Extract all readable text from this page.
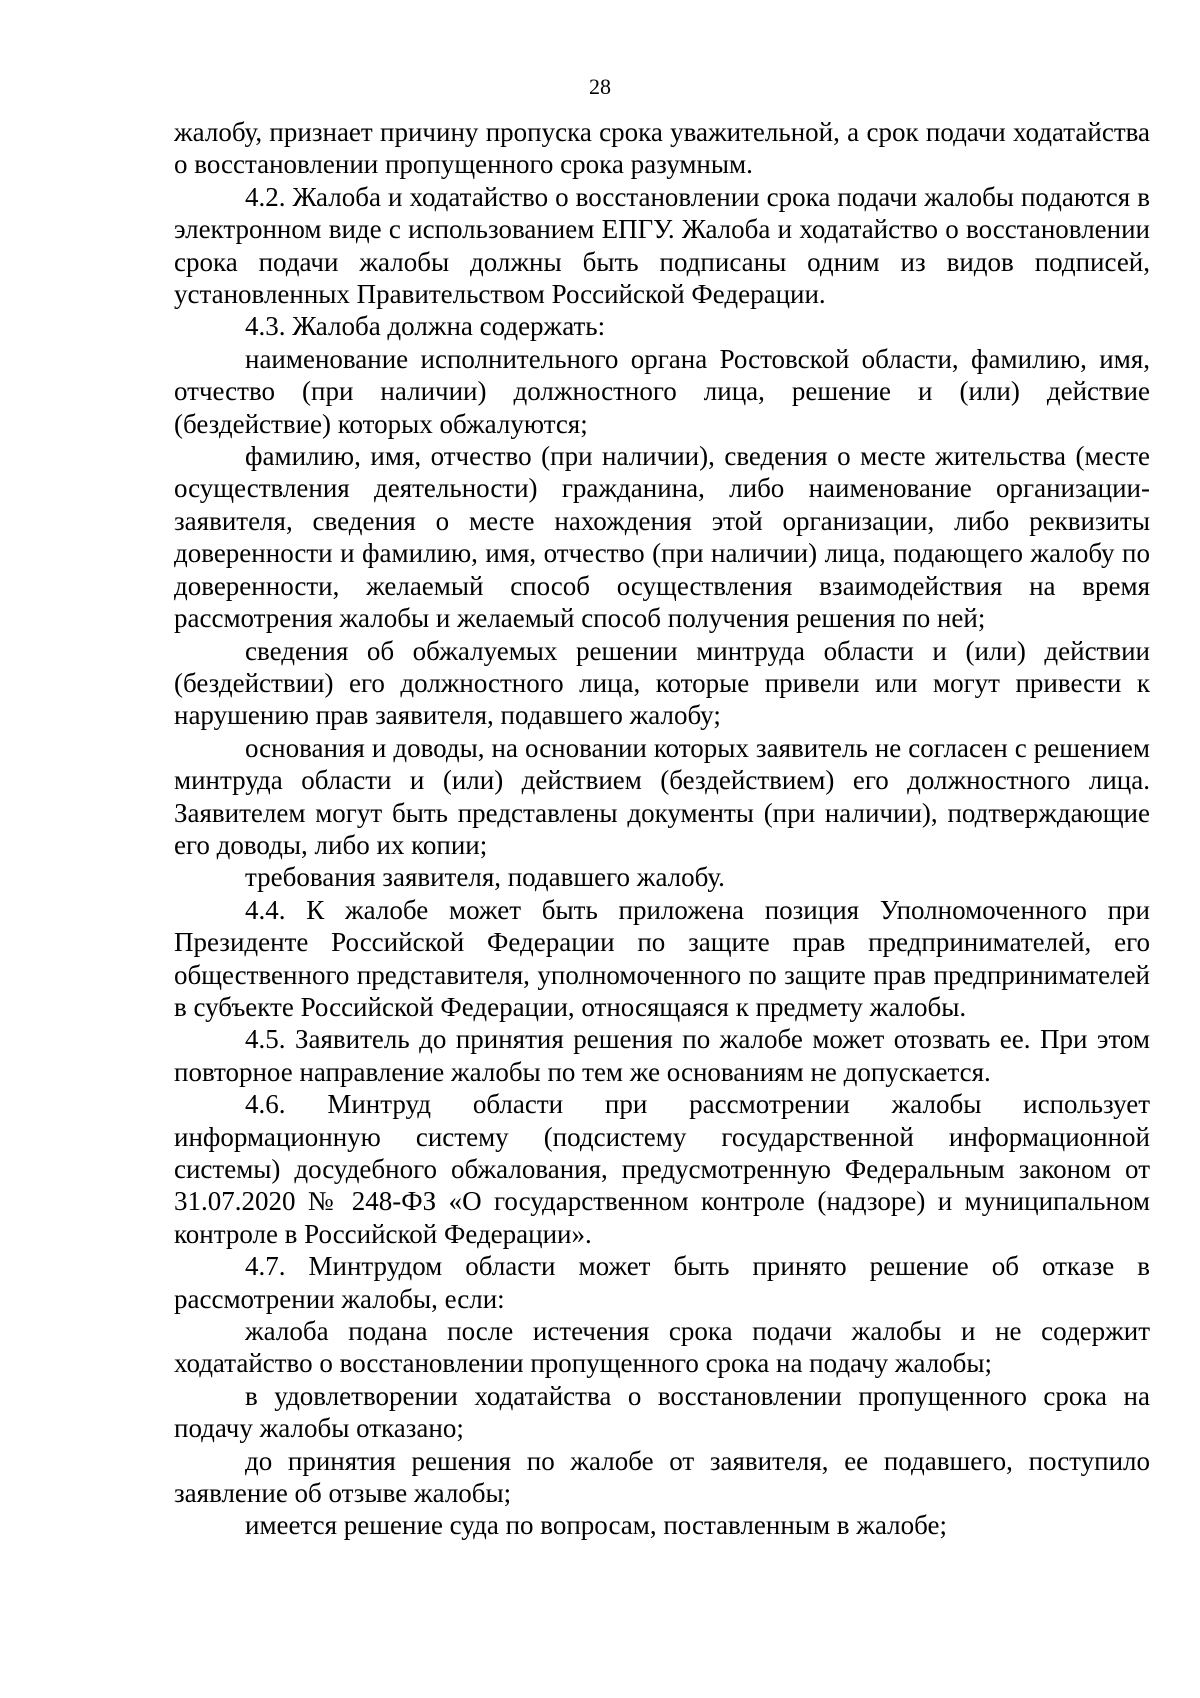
28

жалобу, признает причину пропуска срока уважительной, а срок подачи ходатайства о восстановлении пропущенного срока разумным.

4.2. Жалоба и ходатайство о восстановлении срока подачи жалобы подаются в электронном виде с использованием ЕПГУ. Жалоба и ходатайство о восстановлении срока подачи жалобы должны быть подписаны одним из видов подписей, установленных Правительством Российской Федерации.

4.3. Жалоба должна содержать:

наименование исполнительного органа Ростовской области, фамилию, имя, отчество (при наличии) должностного лица, решение и (или) действие (бездействие) которых обжалуются;

фамилию, имя, отчество (при наличии), сведения о месте жительства (месте осуществления деятельности) гражданина, либо наименование организации-заявителя, сведения о месте нахождения этой организации, либо реквизиты доверенности и фамилию, имя, отчество (при наличии) лица, подающего жалобу по доверенности, желаемый способ осуществления взаимодействия на время рассмотрения жалобы и желаемый способ получения решения по ней;

сведения об обжалуемых решении минтруда области и (или) действии (бездействии) его должностного лица, которые привели или могут привести к нарушению прав заявителя, подавшего жалобу;

основания и доводы, на основании которых заявитель не согласен с решением минтруда области и (или) действием (бездействием) его должностного лица. Заявителем могут быть представлены документы (при наличии), подтверждающие его доводы, либо их копии;

требования заявителя, подавшего жалобу.

4.4. К жалобе может быть приложена позиция Уполномоченного при Президенте Российской Федерации по защите прав предпринимателей, его общественного представителя, уполномоченного по защите прав предпринимателей в субъекте Российской Федерации, относящаяся к предмету жалобы.

4.5. Заявитель до принятия решения по жалобе может отозвать ее. При этом повторное направление жалобы по тем же основаниям не допускается.

4.6. Минтруд области при рассмотрении жалобы использует информационную систему (подсистему государственной информационной системы) досудебного обжалования, предусмотренную Федеральным законом от 31.07.2020 № 248-ФЗ «О государственном контроле (надзоре) и муниципальном контроле в Российской Федерации».

4.7. Минтрудом области может быть принято решение об отказе в рассмотрении жалобы, если:

жалоба подана после истечения срока подачи жалобы и не содержит ходатайство о восстановлении пропущенного срока на подачу жалобы;

в удовлетворении ходатайства о восстановлении пропущенного срока на подачу жалобы отказано;

до принятия решения по жалобе от заявителя, ее подавшего, поступило заявление об отзыве жалобы;

имеется решение суда по вопросам, поставленным в жалобе;
